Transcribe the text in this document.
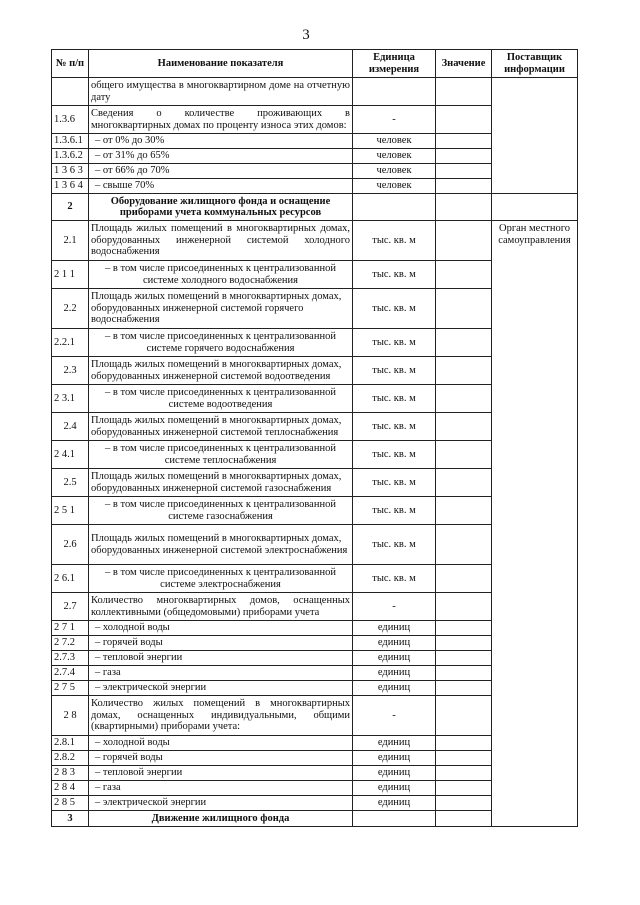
3
№ п/п	Наименование показателя	Единица измерения	Значение	Поставщик информации
	общего имущества в многоквартирном доме на отчетную дату			
1.3.6	Сведения о количестве проживающих в многоквартирных домах по проценту износа этих домов:	-		
1.3.6.1	– от 0% до 30%	человек		
1.3.6.2	– от 31% до 65%	человек		
1 3 6 3	– от 66% до 70%	человек		
1 3 6 4	– свыше 70%	человек		
2	Оборудование жилищного фонда и оснащение приборами учета коммунальных ресурсов			
2.1	Площадь жилых помещений в многоквартирных домах, оборудованных инженерной системой холодного водоснабжения	тыс. кв. м		Орган местного самоуправления
2 1 1	– в том числе присоединенных к централизованной системе холодного водоснабжения	тыс. кв. м		
2.2	Площадь жилых помещений в многоквартирных домах, оборудованных инженерной системой горячего водоснабжения	тыс. кв. м		
2.2.1	– в том числе присоединенных к централизованной системе горячего водоснабжения	тыс. кв. м		
2.3	Площадь жилых помещений в многоквартирных домах, оборудованных инженерной системой водоотведения	тыс. кв. м		
2 3.1	– в том числе присоединенных к централизованной системе водоотведения	тыс. кв. м		
2.4	Площадь жилых помещений в многоквартирных домах, оборудованных инженерной системой теплоснабжения	тыс. кв. м		
2 4.1	– в том числе присоединенных к централизованной системе теплоснабжения	тыс. кв. м		
2.5	Площадь жилых помещений в многоквартирных домах, оборудованных инженерной системой газоснабжения	тыс. кв. м		
2 5 1	– в том числе присоединенных к централизованной системе газоснабжения	тыс. кв. м		
2.6	Площадь жилых помещений в многоквартирных домах, оборудованных инженерной системой электроснабжения	тыс. кв. м		
2 6.1	– в том числе присоединенных к централизованной системе электроснабжения	тыс. кв. м		
2.7	Количество многоквартирных домов, оснащенных коллективными (общедомовыми) приборами учета	-		
2 7 1	– холодной воды	единиц		
2 7.2	– горячей воды	единиц		
2.7.3	– тепловой энергии	единиц		
2.7.4	– газа	единиц		
2 7 5	– электрической энергии	единиц		
2 8	Количество жилых помещений в многоквартирных домах, оснащенных индивидуальными, общими (квартирными) приборами учета:	-		
2.8.1	– холодной воды	единиц		
2.8.2	– горячей воды	единиц		
2 8 3	– тепловой энергии	единиц		
2 8 4	– газа	единиц		
2 8 5	– электрической энергии	единиц		
3	Движение жилищного фонда			
